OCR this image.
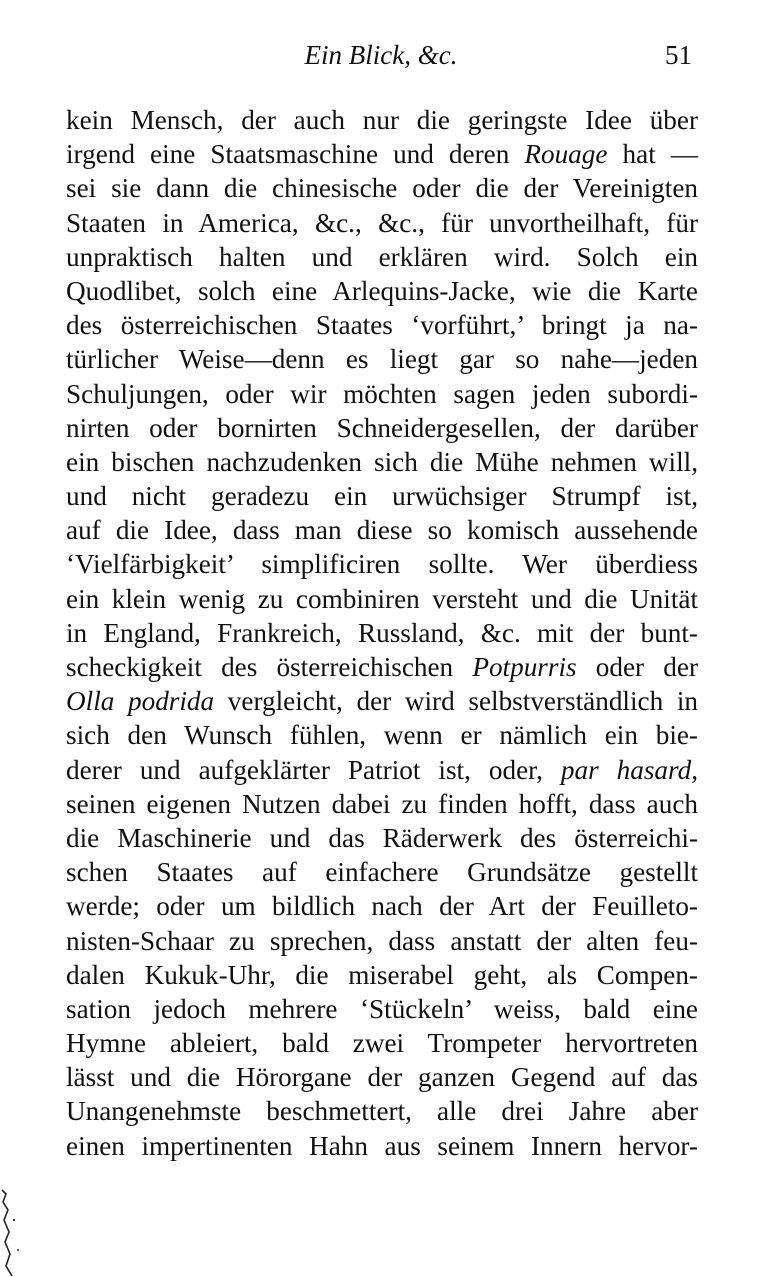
Ein Blick, &c.	51
kein Mensch, der auch nur die geringste Idee über
irgend eine Staatsmaschine und deren Rouage hat —
sei sie dann die chinesische oder die der Vereinigten
Staaten in America, &c., &c., für unvortheilhaft, für
unpraktisch halten und erklären wird. Solch ein
Quodlibet, solch eine Arlequins-Jacke, wie die Karte
des österreichischen Staates ‘vorführt,’ bringt ja na-
türlicher Weise—denn es liegt gar so nahe—jeden
Schuljungen, oder wir möchten sagen jeden subordi-
nirten oder bornirten Schneidergesellen, der darüber
ein bischen nachzudenken sich die Mühe nehmen will,
und nicht geradezu ein urwüchsiger Strumpf ist,
auf die Idee, dass man diese so komisch aussehende
‘Vielfärbigkeit’ simplificiren sollte. Wer überdiess
ein klein wenig zu combiniren versteht und die Unität
in England, Frankreich, Russland, &c. mit der bunt-
scheckigkeit des österreichischen Potpurris oder der
Olla podrida vergleicht, der wird selbstverständlich in
sich den Wunsch fühlen, wenn er nämlich ein bie-
derer und aufgeklärter Patriot ist, oder, par hasard,
seinen eigenen Nutzen dabei zu finden hofft, dass auch
die Maschinerie und das Räderwerk des österreichi-
schen Staates auf einfachere Grundsätze gestellt
werde; oder um bildlich nach der Art der Feuilleto-
nisten-Schaar zu sprechen, dass anstatt der alten feu-
dalen Kukuk-Uhr, die miserabel geht, als Compen-
sation jedoch mehrere ‘Stückeln’ weiss, bald eine
Hymne ableiert, bald zwei Trompeter hervortreten
lässt und die Hörorgane der ganzen Gegend auf das
Unangenehmste beschmettert, alle drei Jahre aber
einen impertinenten Hahn aus seinem Innern hervor-
